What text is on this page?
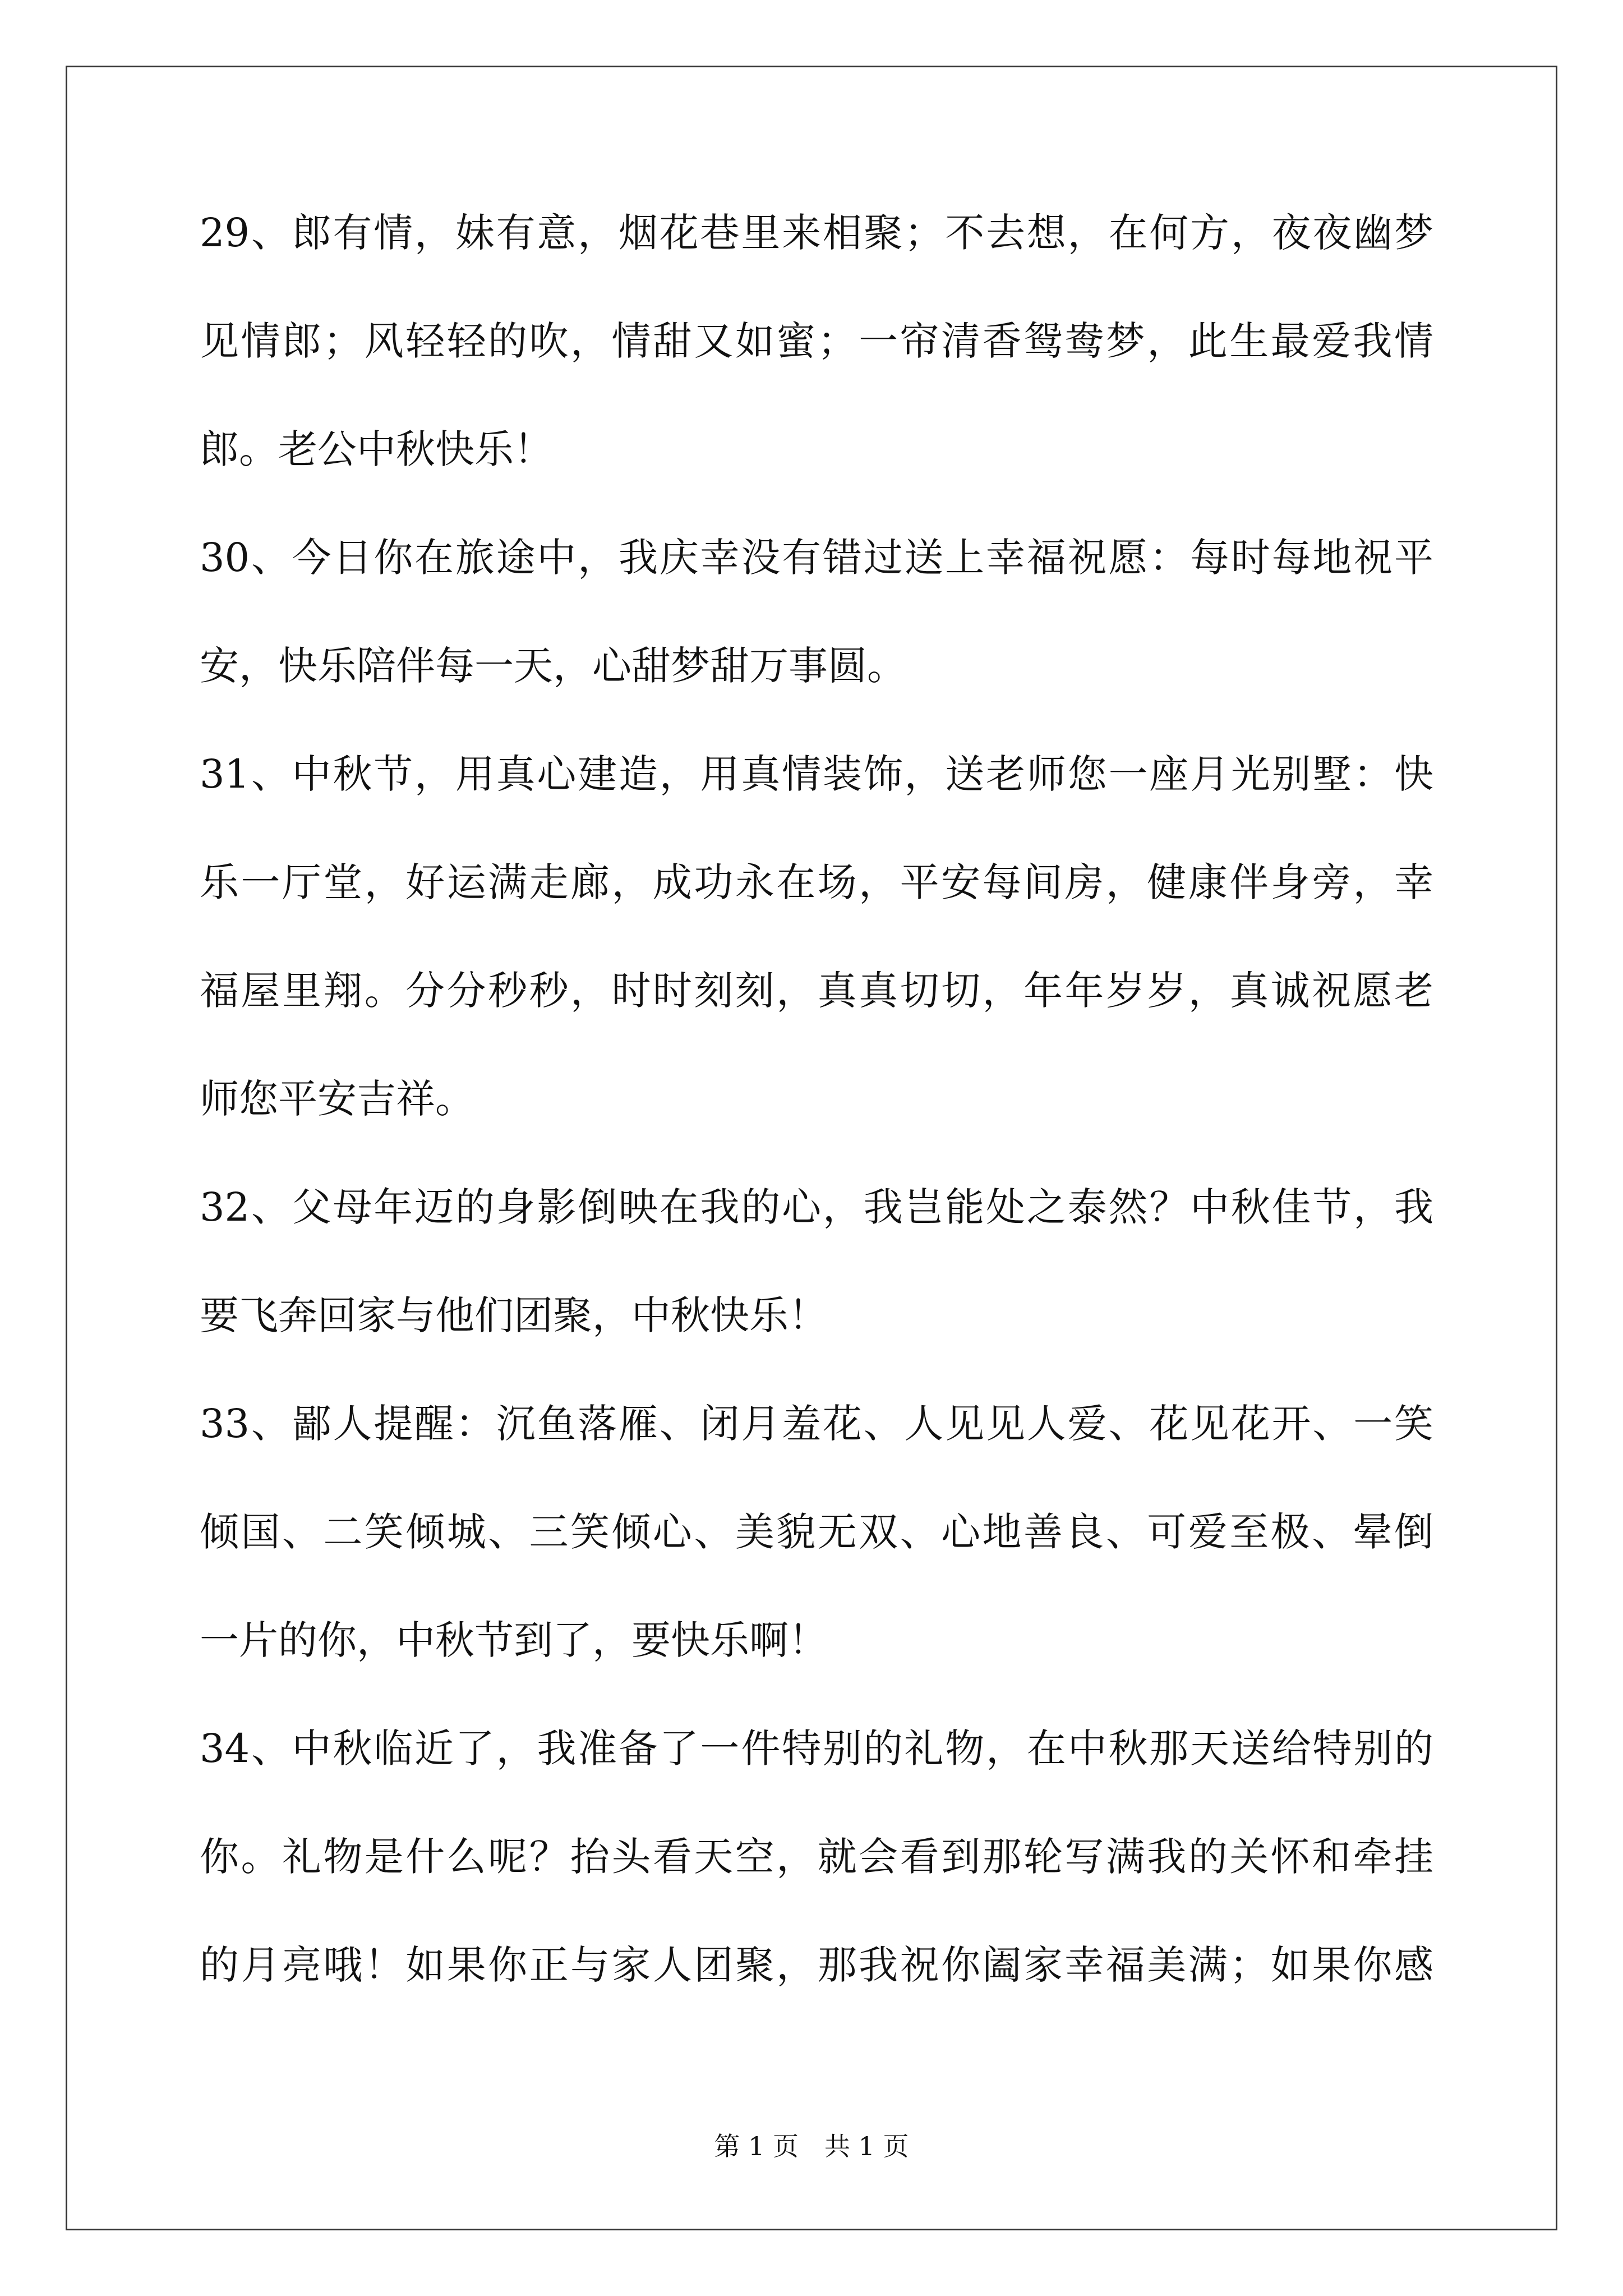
29、郎有情，妹有意，烟花巷里来相聚；不去想，在何方，夜夜幽梦
见情郎；风轻轻的吹，情甜又如蜜；一帘清香鸳鸯梦，此生最爱我情
郎。老公中秋快乐！
30、今日你在旅途中，我庆幸没有错过送上幸福祝愿：每时每地祝平
安，快乐陪伴每一天，心甜梦甜万事圆。
31、中秋节，用真心建造，用真情装饰，送老师您一座月光别墅：快
乐一厅堂，好运满走廊，成功永在场，平安每间房，健康伴身旁，幸
福屋里翔。分分秒秒，时时刻刻，真真切切，年年岁岁，真诚祝愿老
师您平安吉祥。
32、父母年迈的身影倒映在我的心，我岂能处之泰然？中秋佳节，我
要飞奔回家与他们团聚，中秋快乐！
33、鄙人提醒：沉鱼落雁、闭月羞花、人见见人爱、花见花开、一笑
倾国、二笑倾城、三笑倾心、美貌无双、心地善良、可爱至极、晕倒
一片的你，中秋节到了，要快乐啊！
34、中秋临近了，我准备了一件特别的礼物，在中秋那天送给特别的
你。礼物是什么呢？抬头看天空，就会看到那轮写满我的关怀和牵挂
的月亮哦！如果你正与家人团聚，那我祝你阖家幸福美满；如果你感
第 1 页 共 1 页
